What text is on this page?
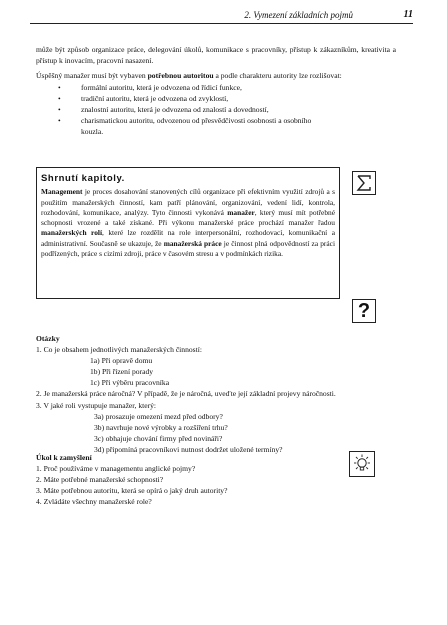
2. Vymezení základních pojmů	11

může být způsob organizace práce, delegování úkolů, komunikace s pracovníky, přístup k zákazníkům, kreativita a přístup k inovacím, pracovní nasazení.

Úspěšný manažer musí být vybaven potřebnou autoritou a podle charakteru autority lze rozlišovat:

• formální autoritu, která je odvozena od řídicí funkce,
• tradiční autoritu, která je odvozena od zvyklostí,
• znalostní autoritu, která je odvozena od znalostí a dovedností,
• charismatickou autoritu, odvozenou od přesvědčivosti osobnosti a osobního kouzla.
Shrnutí kapitoly.

Management je proces dosahování stanovených cílů organizace při efektivním využití zdrojů a s použitím manažerských činností, kam patří plánování, organizování, vedení lidí, kontrola, rozhodování, komunikace, analýzy. Tyto činnosti vykonává manažer, který musí mít potřebné schopnosti vrozené a také získané. Při výkonu manažerské práce prochází manažer řadou manažerských rolí, které lze rozdělit na role interpersonální, rozhodovací, komunikační a administrativní. Současně se ukazuje, že manažerská práce je činnost plná odpovědností za práci podřízených, práce s cizími zdroji, práce v časovém stresu a v podmínkách rizika.

Otázky

1. Co je obsahem jednotlivých manažerských činností:

1a) Při opravě domu

1b) Při řízení porady

1c) Při výběru pracovníka

2. Je manažerská práce náročná? V případě, že je náročná, uveďte její základní projevy náročnosti.

3. V jaké roli vystupuje manažer, který:

3a) prosazuje omezení mezd před odbory?

3b) navrhuje nové výrobky a rozšíření trhu?

3c) obhajuje chování firmy před novináři?

3d) připomíná pracovníkovi nutnost dodržet uložené termíny?

?

Úkol k zamyšlení

1. Proč používáme v managementu anglické pojmy?

2. Máte potřebné manažerské schopnosti?

3. Máte potřebnou autoritu, která se opírá o jaký druh autority?

4. Zvládáte všechny manažerské role?
